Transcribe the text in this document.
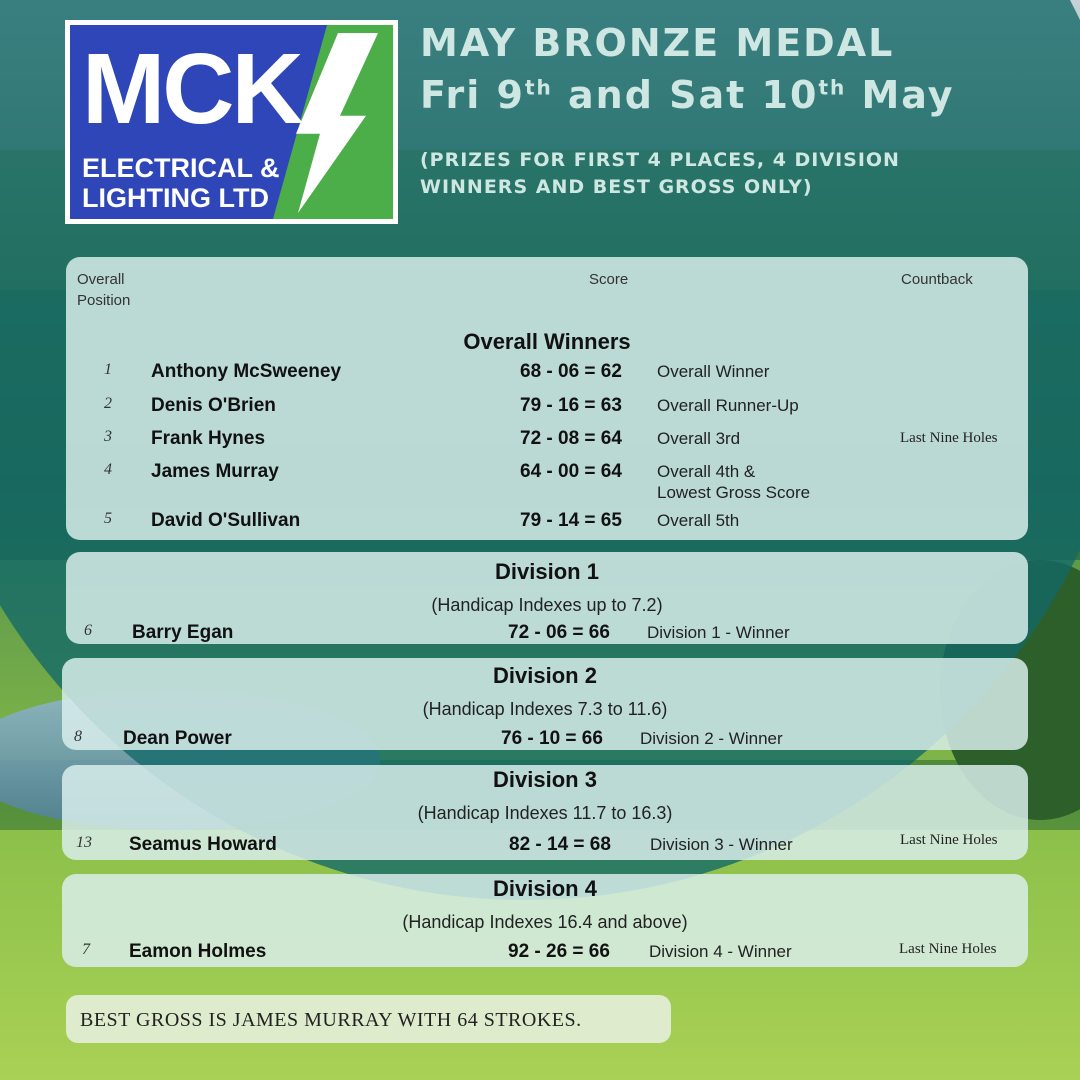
MCK
ELECTRICAL &
LIGHTING LTD
MAY BRONZE MEDAL
Fri 9th and Sat 10th May
(PRIZES FOR FIRST 4 PLACES, 4 DIVISION WINNERS AND BEST GROSS ONLY)
Overall
Position
Score	Countback
Overall Winners
1 Anthony McSweeney	68 - 06 = 62 Overall Winner
2 Denis O'Brien	79 - 16 = 63 Overall Runner-Up
3 Frank Hynes	72 - 08 = 64 Overall 3rd	Last Nine Holes
4 James Murray	64 - 00 = 64 Overall 4th &
Lowest Gross Score
5 David O'Sullivan	79 - 14 = 65 Overall 5th
Division 1
(Handicap Indexes up to 7.2)
6 Barry Egan	72 - 06 = 66 Division 1 - Winner
Division 2
(Handicap Indexes 7.3 to 11.6)
8 Dean Power	76 - 10 = 66 Division 2 - Winner
Division 3
(Handicap Indexes 11.7 to 16.3)
13 Seamus Howard	82 - 14 = 68 Division 3 - Winner	Last Nine Holes
Division 4
(Handicap Indexes 16.4 and above)
7 Eamon Holmes	92 - 26 = 66 Division 4 - Winner	Last Nine Holes
BEST GROSS IS JAMES MURRAY WITH 64 STROKES.
